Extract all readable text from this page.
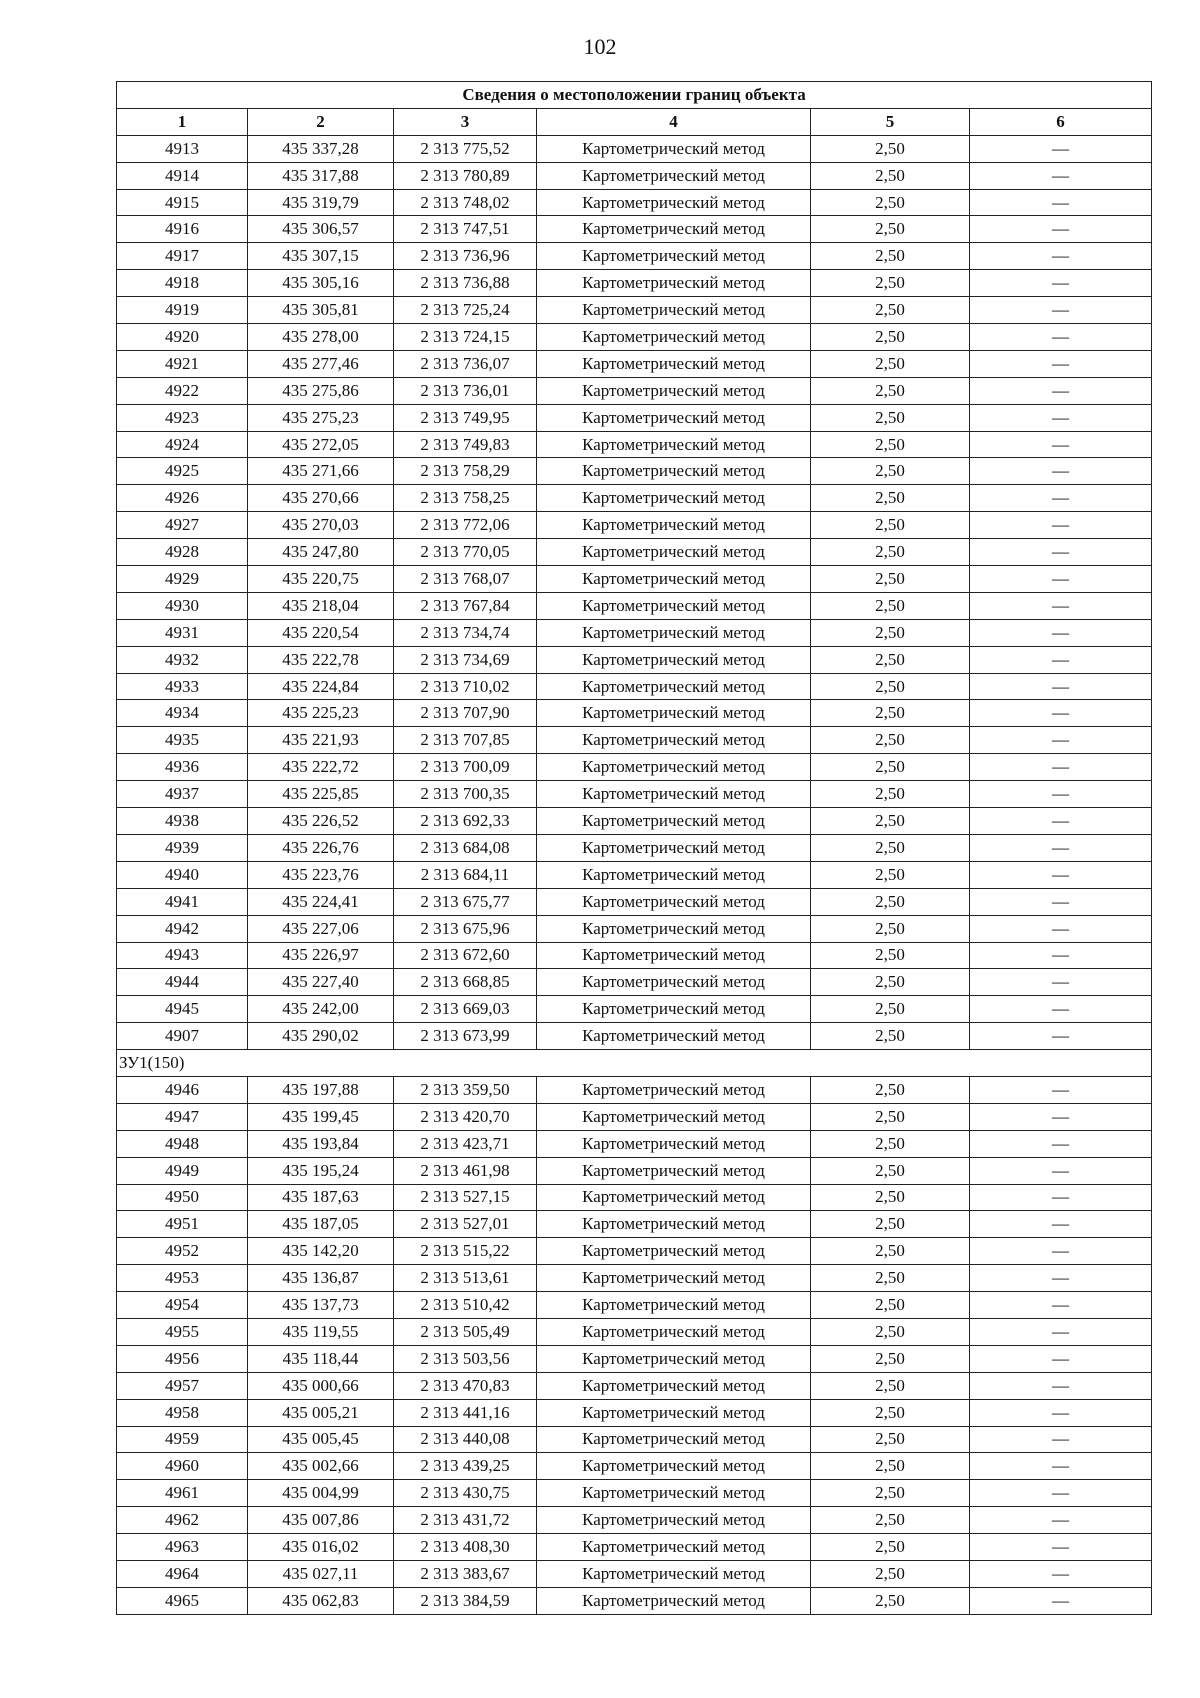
102
Сведения о местоположении границ объекта					
1	2	3	4	5	6
4913	435 337,28	2 313 775,52	Картометрический метод	2,50	—
4914	435 317,88	2 313 780,89	Картометрический метод	2,50	—
4915	435 319,79	2 313 748,02	Картометрический метод	2,50	—
4916	435 306,57	2 313 747,51	Картометрический метод	2,50	—
4917	435 307,15	2 313 736,96	Картометрический метод	2,50	—
4918	435 305,16	2 313 736,88	Картометрический метод	2,50	—
4919	435 305,81	2 313 725,24	Картометрический метод	2,50	—
4920	435 278,00	2 313 724,15	Картометрический метод	2,50	—
4921	435 277,46	2 313 736,07	Картометрический метод	2,50	—
4922	435 275,86	2 313 736,01	Картометрический метод	2,50	—
4923	435 275,23	2 313 749,95	Картометрический метод	2,50	—
4924	435 272,05	2 313 749,83	Картометрический метод	2,50	—
4925	435 271,66	2 313 758,29	Картометрический метод	2,50	—
4926	435 270,66	2 313 758,25	Картометрический метод	2,50	—
4927	435 270,03	2 313 772,06	Картометрический метод	2,50	—
4928	435 247,80	2 313 770,05	Картометрический метод	2,50	—
4929	435 220,75	2 313 768,07	Картометрический метод	2,50	—
4930	435 218,04	2 313 767,84	Картометрический метод	2,50	—
4931	435 220,54	2 313 734,74	Картометрический метод	2,50	—
4932	435 222,78	2 313 734,69	Картометрический метод	2,50	—
4933	435 224,84	2 313 710,02	Картометрический метод	2,50	—
4934	435 225,23	2 313 707,90	Картометрический метод	2,50	—
4935	435 221,93	2 313 707,85	Картометрический метод	2,50	—
4936	435 222,72	2 313 700,09	Картометрический метод	2,50	—
4937	435 225,85	2 313 700,35	Картометрический метод	2,50	—
4938	435 226,52	2 313 692,33	Картометрический метод	2,50	—
4939	435 226,76	2 313 684,08	Картометрический метод	2,50	—
4940	435 223,76	2 313 684,11	Картометрический метод	2,50	—
4941	435 224,41	2 313 675,77	Картометрический метод	2,50	—
4942	435 227,06	2 313 675,96	Картометрический метод	2,50	—
4943	435 226,97	2 313 672,60	Картометрический метод	2,50	—
4944	435 227,40	2 313 668,85	Картометрический метод	2,50	—
4945	435 242,00	2 313 669,03	Картометрический метод	2,50	—
4907	435 290,02	2 313 673,99	Картометрический метод	2,50	—
ЗУ1(150)					
4946	435 197,88	2 313 359,50	Картометрический метод	2,50	—
4947	435 199,45	2 313 420,70	Картометрический метод	2,50	—
4948	435 193,84	2 313 423,71	Картометрический метод	2,50	—
4949	435 195,24	2 313 461,98	Картометрический метод	2,50	—
4950	435 187,63	2 313 527,15	Картометрический метод	2,50	—
4951	435 187,05	2 313 527,01	Картометрический метод	2,50	—
4952	435 142,20	2 313 515,22	Картометрический метод	2,50	—
4953	435 136,87	2 313 513,61	Картометрический метод	2,50	—
4954	435 137,73	2 313 510,42	Картометрический метод	2,50	—
4955	435 119,55	2 313 505,49	Картометрический метод	2,50	—
4956	435 118,44	2 313 503,56	Картометрический метод	2,50	—
4957	435 000,66	2 313 470,83	Картометрический метод	2,50	—
4958	435 005,21	2 313 441,16	Картометрический метод	2,50	—
4959	435 005,45	2 313 440,08	Картометрический метод	2,50	—
4960	435 002,66	2 313 439,25	Картометрический метод	2,50	—
4961	435 004,99	2 313 430,75	Картометрический метод	2,50	—
4962	435 007,86	2 313 431,72	Картометрический метод	2,50	—
4963	435 016,02	2 313 408,30	Картометрический метод	2,50	—
4964	435 027,11	2 313 383,67	Картометрический метод	2,50	—
4965	435 062,83	2 313 384,59	Картометрический метод	2,50	—
